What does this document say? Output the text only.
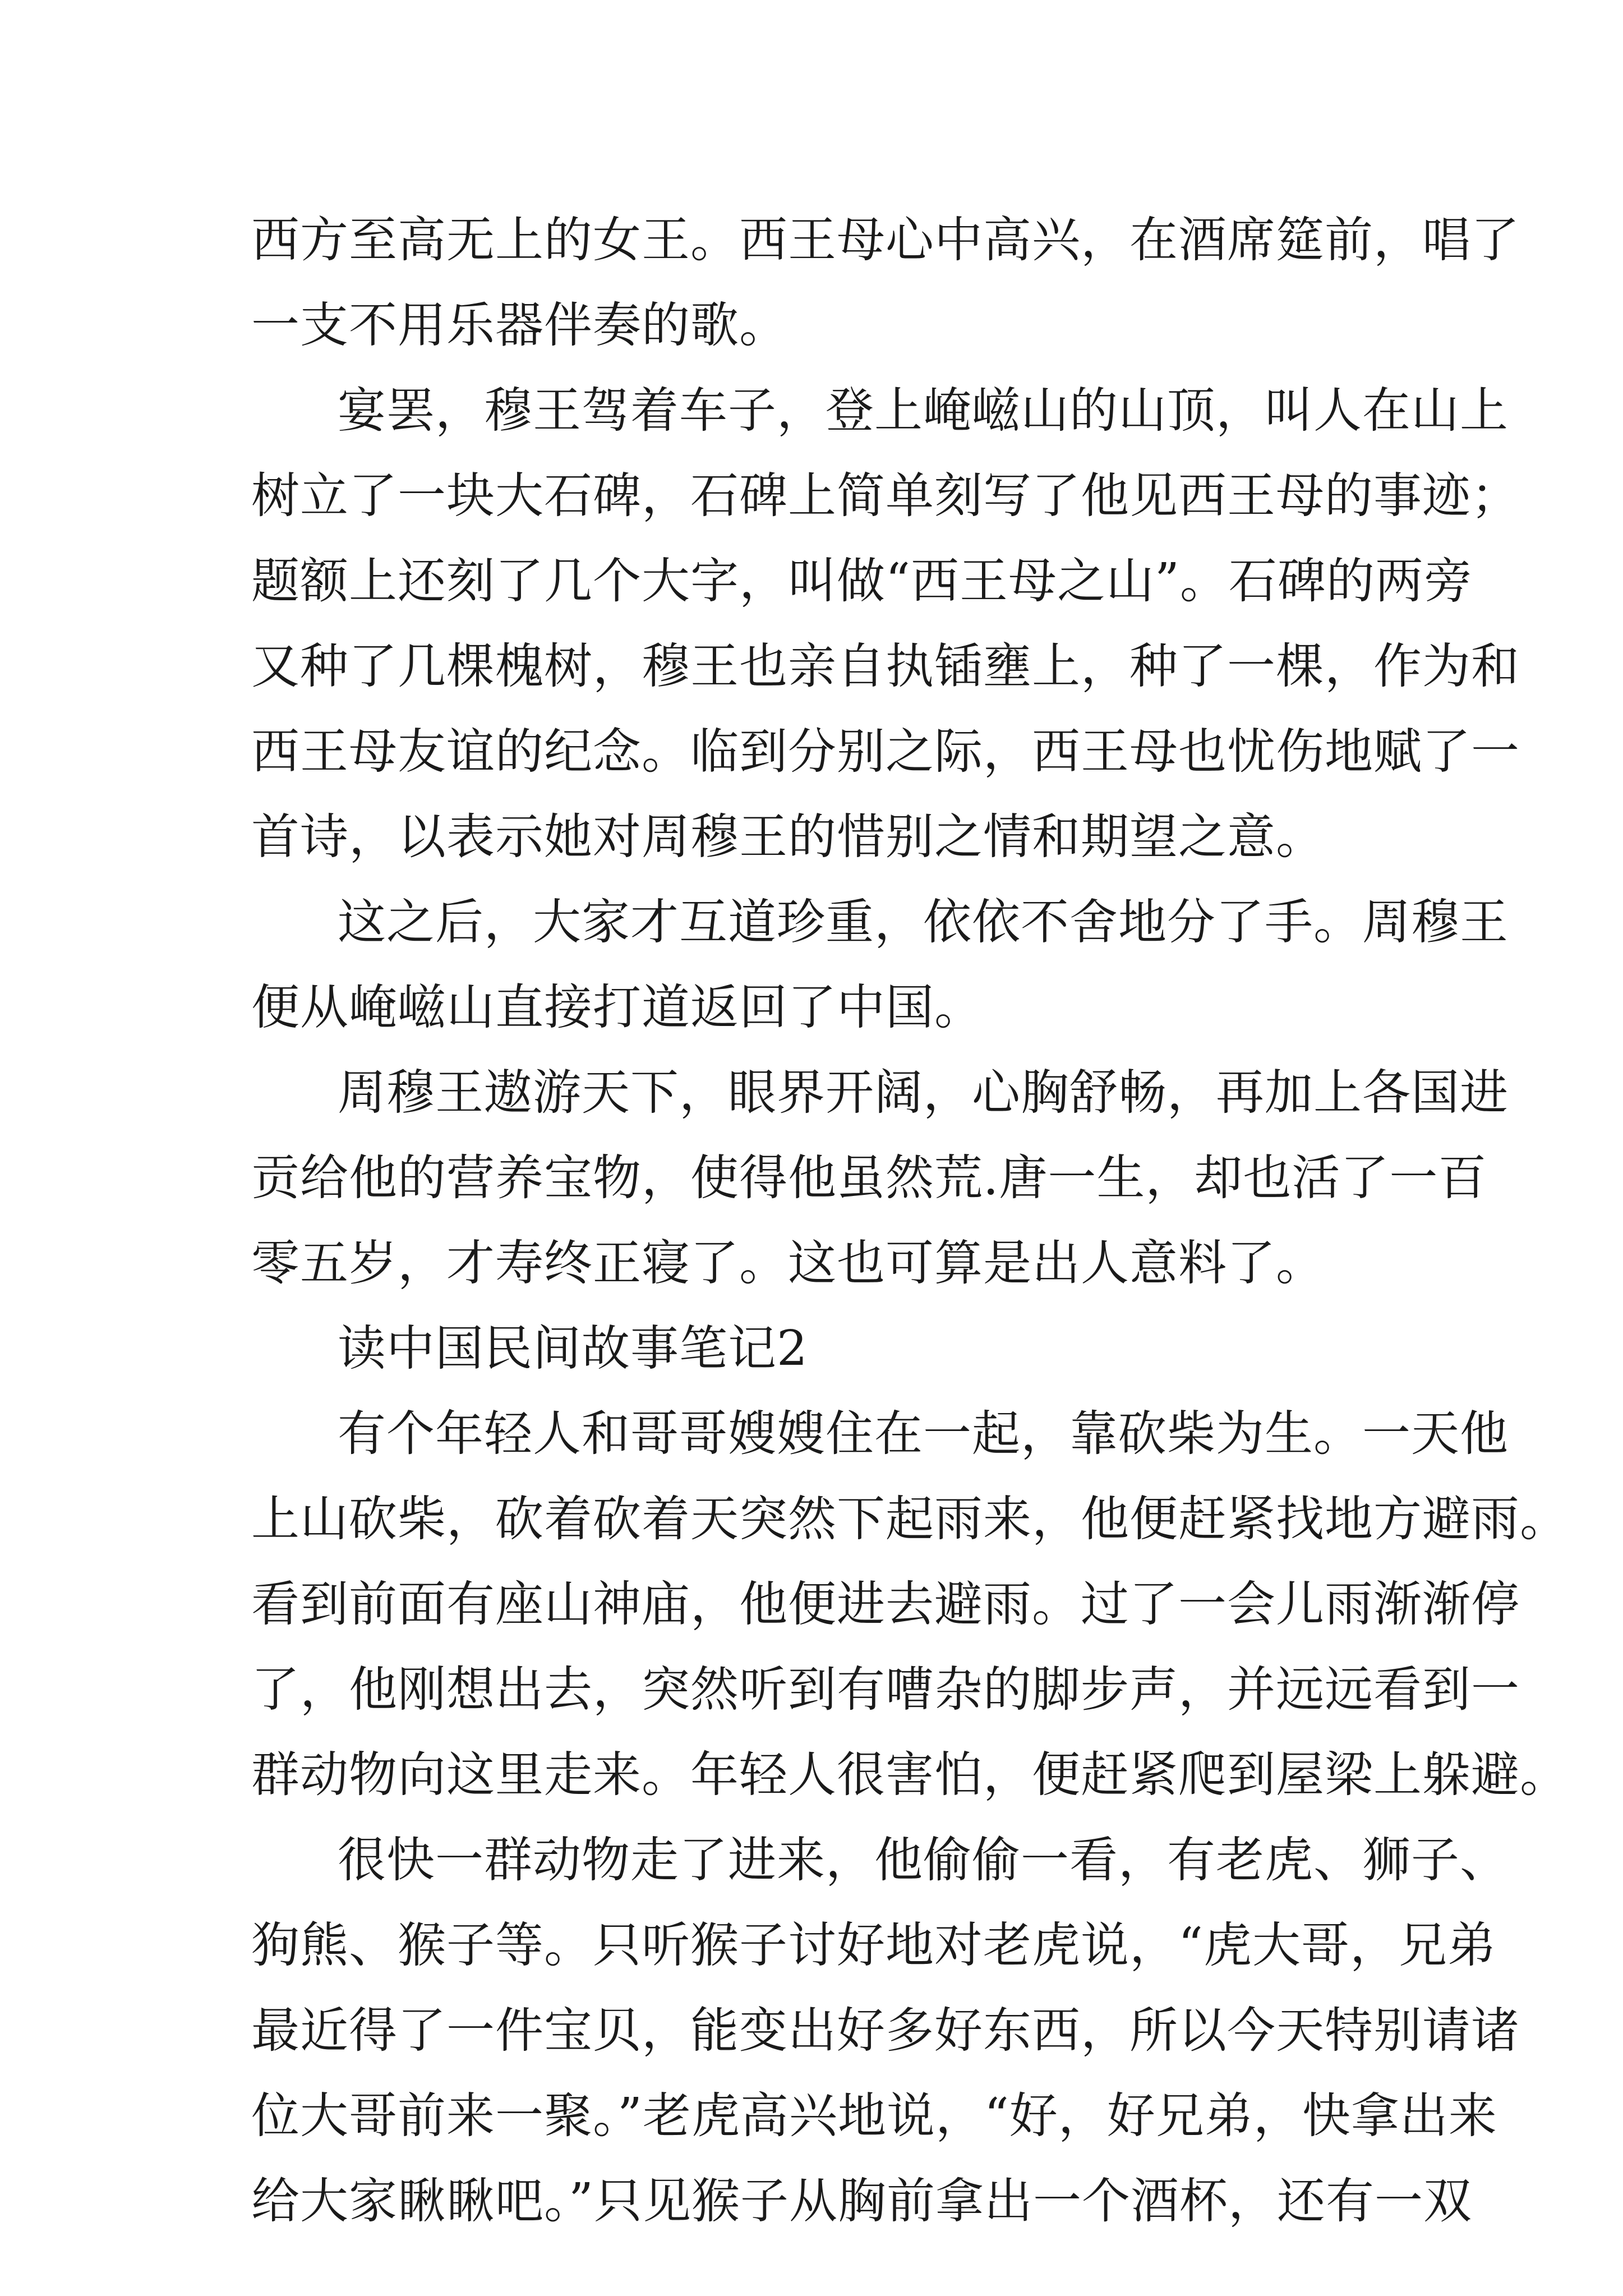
西方至高无上的女王。西王母心中高兴，在酒席筵前，唱了
一支不用乐器伴奏的歌。
宴罢，穆王驾着车子，登上崦嵫山的山顶，叫人在山上
树立了一块大石碑，石碑上简单刻写了他见西王母的事迹；
题额上还刻了几个大字，叫做“西王母之山”。石碑的两旁
又种了几棵槐树，穆王也亲自执锸壅上，种了一棵，作为和
西王母友谊的纪念。临到分别之际，西王母也忧伤地赋了一
首诗，以表示她对周穆王的惜别之情和期望之意。
这之后，大家才互道珍重，依依不舍地分了手。周穆王
便从崦嵫山直接打道返回了中国。
周穆王遨游天下，眼界开阔，心胸舒畅，再加上各国进
贡给他的营养宝物，使得他虽然荒.唐一生，却也活了一百
零五岁，才寿终正寝了。这也可算是出人意料了。
读中国民间故事笔记2
有个年轻人和哥哥嫂嫂住在一起，靠砍柴为生。一天他
上山砍柴，砍着砍着天突然下起雨来，他便赶紧找地方避雨。
看到前面有座山神庙，他便进去避雨。过了一会儿雨渐渐停
了，他刚想出去，突然听到有嘈杂的脚步声，并远远看到一
群动物向这里走来。年轻人很害怕，便赶紧爬到屋梁上躲避。
很快一群动物走了进来，他偷偷一看，有老虎、狮子、
狗熊、猴子等。只听猴子讨好地对老虎说，“虎大哥，兄弟
最近得了一件宝贝，能变出好多好东西，所以今天特别请诸
位大哥前来一聚。”老虎高兴地说，“好，好兄弟，快拿出来
给大家瞅瞅吧。”只见猴子从胸前拿出一个酒杯，还有一双
